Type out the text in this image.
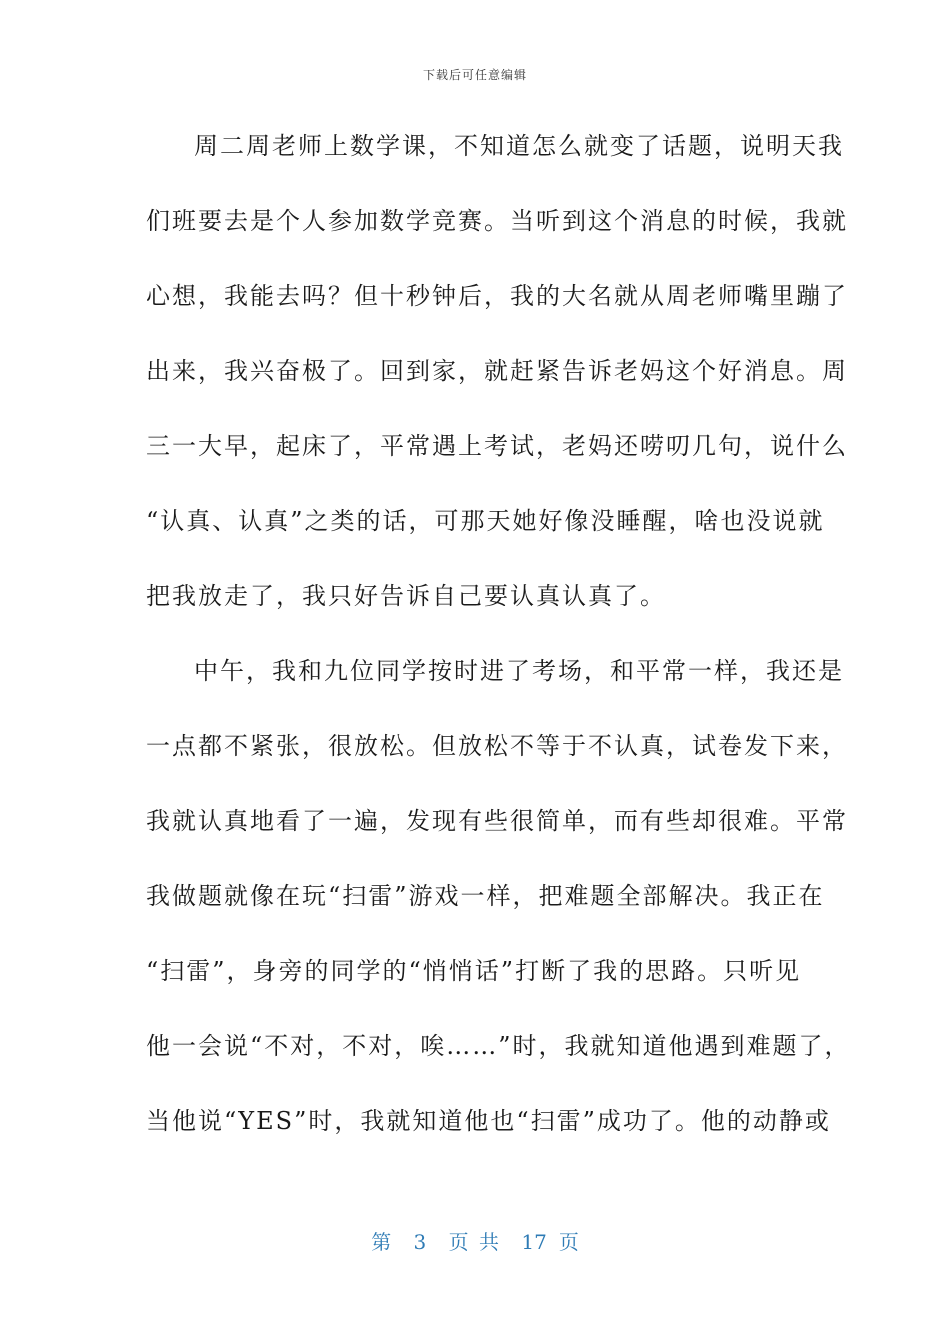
下载后可任意编辑
周二周老师上数学课，不知道怎么就变了话题，说明天我
们班要去是个人参加数学竞赛。当听到这个消息的时候，我就
心想，我能去吗？但十秒钟后，我的大名就从周老师嘴里蹦了
出来，我兴奋极了。回到家，就赶紧告诉老妈这个好消息。周
三一大早，起床了，平常遇上考试，老妈还唠叨几句，说什么
“认真、认真”之类的话，可那天她好像没睡醒，啥也没说就
把我放走了，我只好告诉自己要认真认真了。
中午，我和九位同学按时进了考场，和平常一样，我还是
一点都不紧张，很放松。但放松不等于不认真，试卷发下来，
我就认真地看了一遍，发现有些很简单，而有些却很难。平常
我做题就像在玩“扫雷”游戏一样，把难题全部解决。我正在
“扫雷”，身旁的同学的“悄悄话”打断了我的思路。只听见
他一会说“不对，不对，唉……”时，我就知道他遇到难题了，
当他说“YES”时，我就知道他也“扫雷”成功了。他的动静或
第 3 页 共 17 页
